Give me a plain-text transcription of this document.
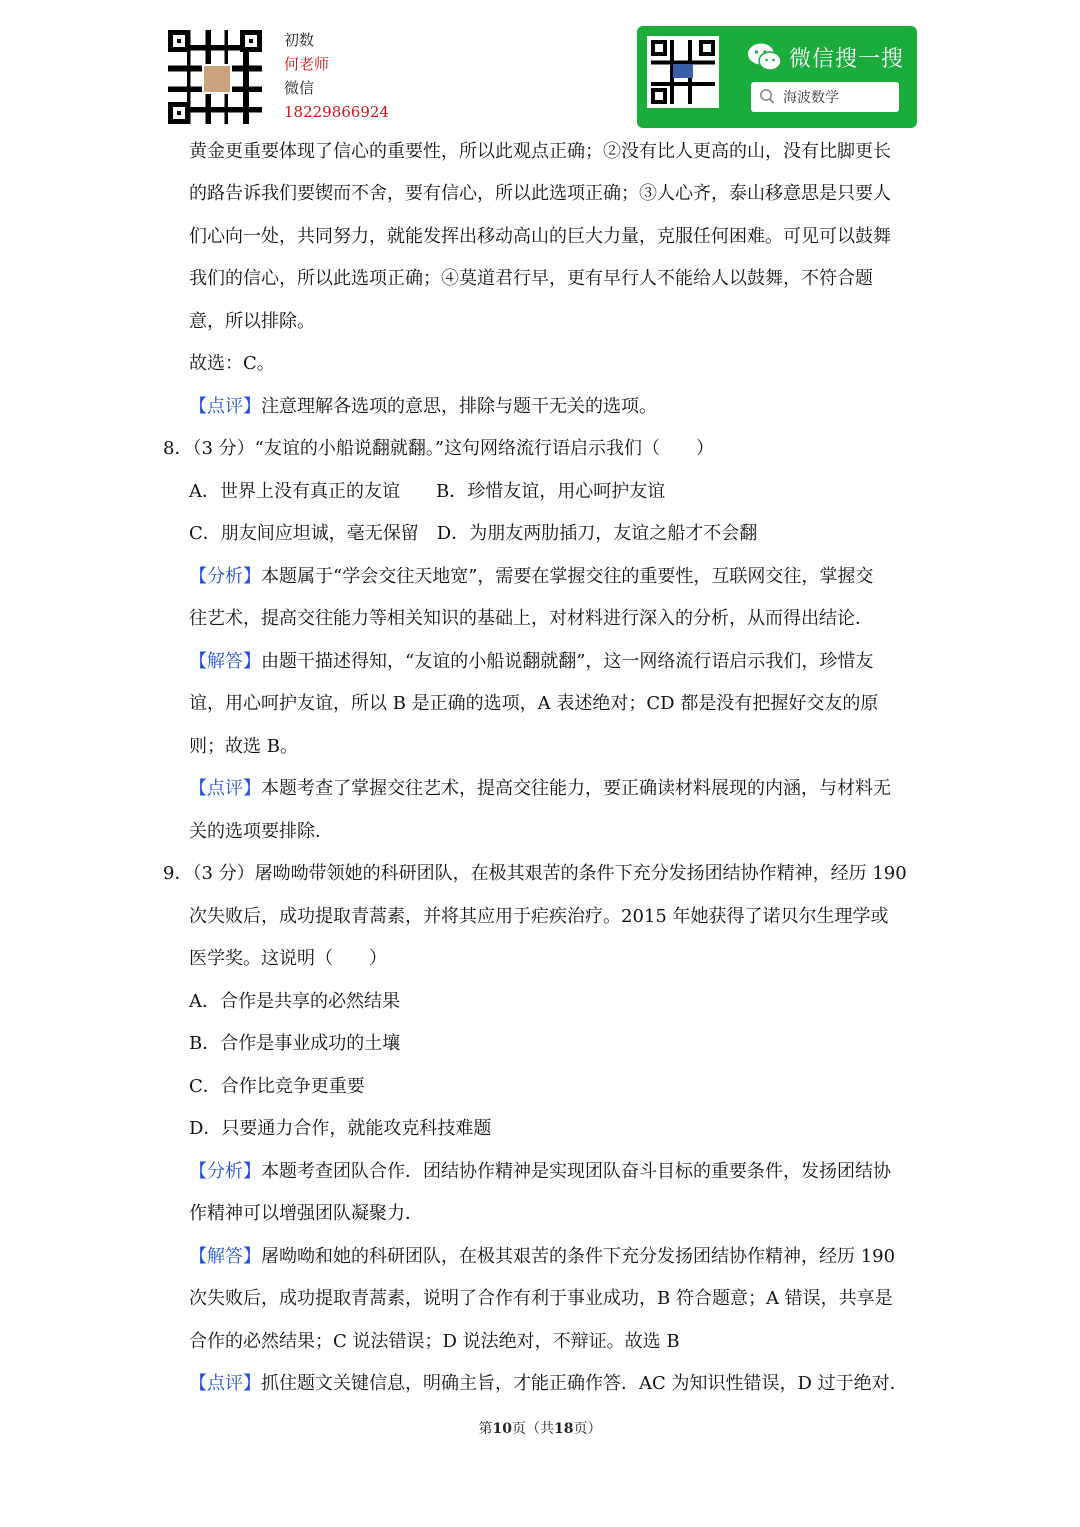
初数
何老师
微信
18229866924
微信搜一搜
海波数学
黄金更重要体现了信心的重要性，所以此观点正确；②没有比人更高的山，没有比脚更长
的路告诉我们要锲而不舍，要有信心，所以此选项正确；③人心齐，泰山移意思是只要人
们心向一处，共同努力，就能发挥出移动高山的巨大力量，克服任何困难。可见可以鼓舞
我们的信心，所以此选项正确；④莫道君行早，更有早行人不能给人以鼓舞，不符合题
意，所以排除。
故选：C。
【点评】注意理解各选项的意思，排除与题干无关的选项。
8．（3 分）“友谊的小船说翻就翻。”这句网络流行语启示我们（　　）
A．世界上没有真正的友谊　　B．珍惜友谊，用心呵护友谊
C．朋友间应坦诚，毫无保留　D．为朋友两肋插刀，友谊之船才不会翻
【分析】本题属于“学会交往天地宽”，需要在掌握交往的重要性，互联网交往，掌握交
往艺术，提高交往能力等相关知识的基础上，对材料进行深入的分析，从而得出结论．
【解答】由题干描述得知，“友谊的小船说翻就翻”，这一网络流行语启示我们，珍惜友
谊，用心呵护友谊，所以 B 是正确的选项，A 表述绝对；CD 都是没有把握好交友的原
则；故选 B。
【点评】本题考查了掌握交往艺术，提高交往能力，要正确读材料展现的内涵，与材料无
关的选项要排除．
9．（3 分）屠呦呦带领她的科研团队，在极其艰苦的条件下充分发扬团结协作精神，经历 190
次失败后，成功提取青蒿素，并将其应用于疟疾治疗。2015 年她获得了诺贝尔生理学或
医学奖。这说明（　　）
A．合作是共享的必然结果
B．合作是事业成功的土壤
C．合作比竞争更重要
D．只要通力合作，就能攻克科技难题
【分析】本题考查团队合作．团结协作精神是实现团队奋斗目标的重要条件，发扬团结协
作精神可以增强团队凝聚力．
【解答】屠呦呦和她的科研团队，在极其艰苦的条件下充分发扬团结协作精神，经历 190
次失败后，成功提取青蒿素，说明了合作有利于事业成功，B 符合题意；A 错误，共享是
合作的必然结果；C 说法错误；D 说法绝对，不辩证。故选 B
【点评】抓住题文关键信息，明确主旨，才能正确作答．AC 为知识性错误，D 过于绝对．
第10页（共18页）
